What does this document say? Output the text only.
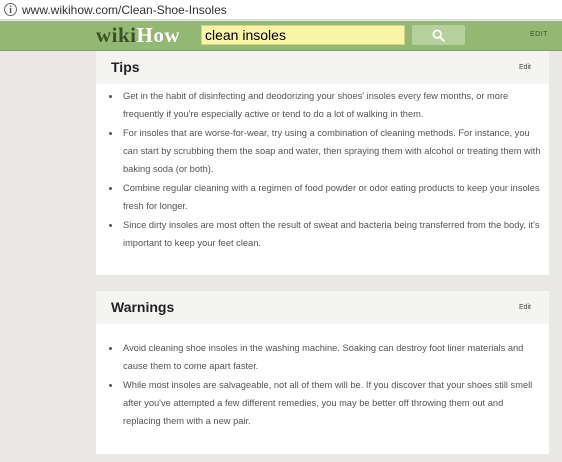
i www.wikihow.com/Clean-Shoe-Insoles
wikiHow
clean insoles	EDIT
Tips	Edit
• Get in the habit of disinfecting and deodorizing your shoes' insoles every few months, or more frequently if you're especially active or tend to do a lot of walking in them.
• For insoles that are worse-for-wear, try using a combination of cleaning methods. For instance, you can start by scrubbing them the soap and water, then spraying them with alcohol or treating them with baking soda (or both).
• Combine regular cleaning with a regimen of food powder or odor eating products to keep your insoles fresh for longer.
• Since dirty insoles are most often the result of sweat and bacteria being transferred from the body, it's important to keep your feet clean.
Warnings	Edit
• Avoid cleaning shoe insoles in the washing machine. Soaking can destroy foot liner materials and cause them to come apart faster.
• While most insoles are salvageable, not all of them will be. If you discover that your shoes still smell after you've attempted a few different remedies, you may be better off throwing them out and replacing them with a new pair.
